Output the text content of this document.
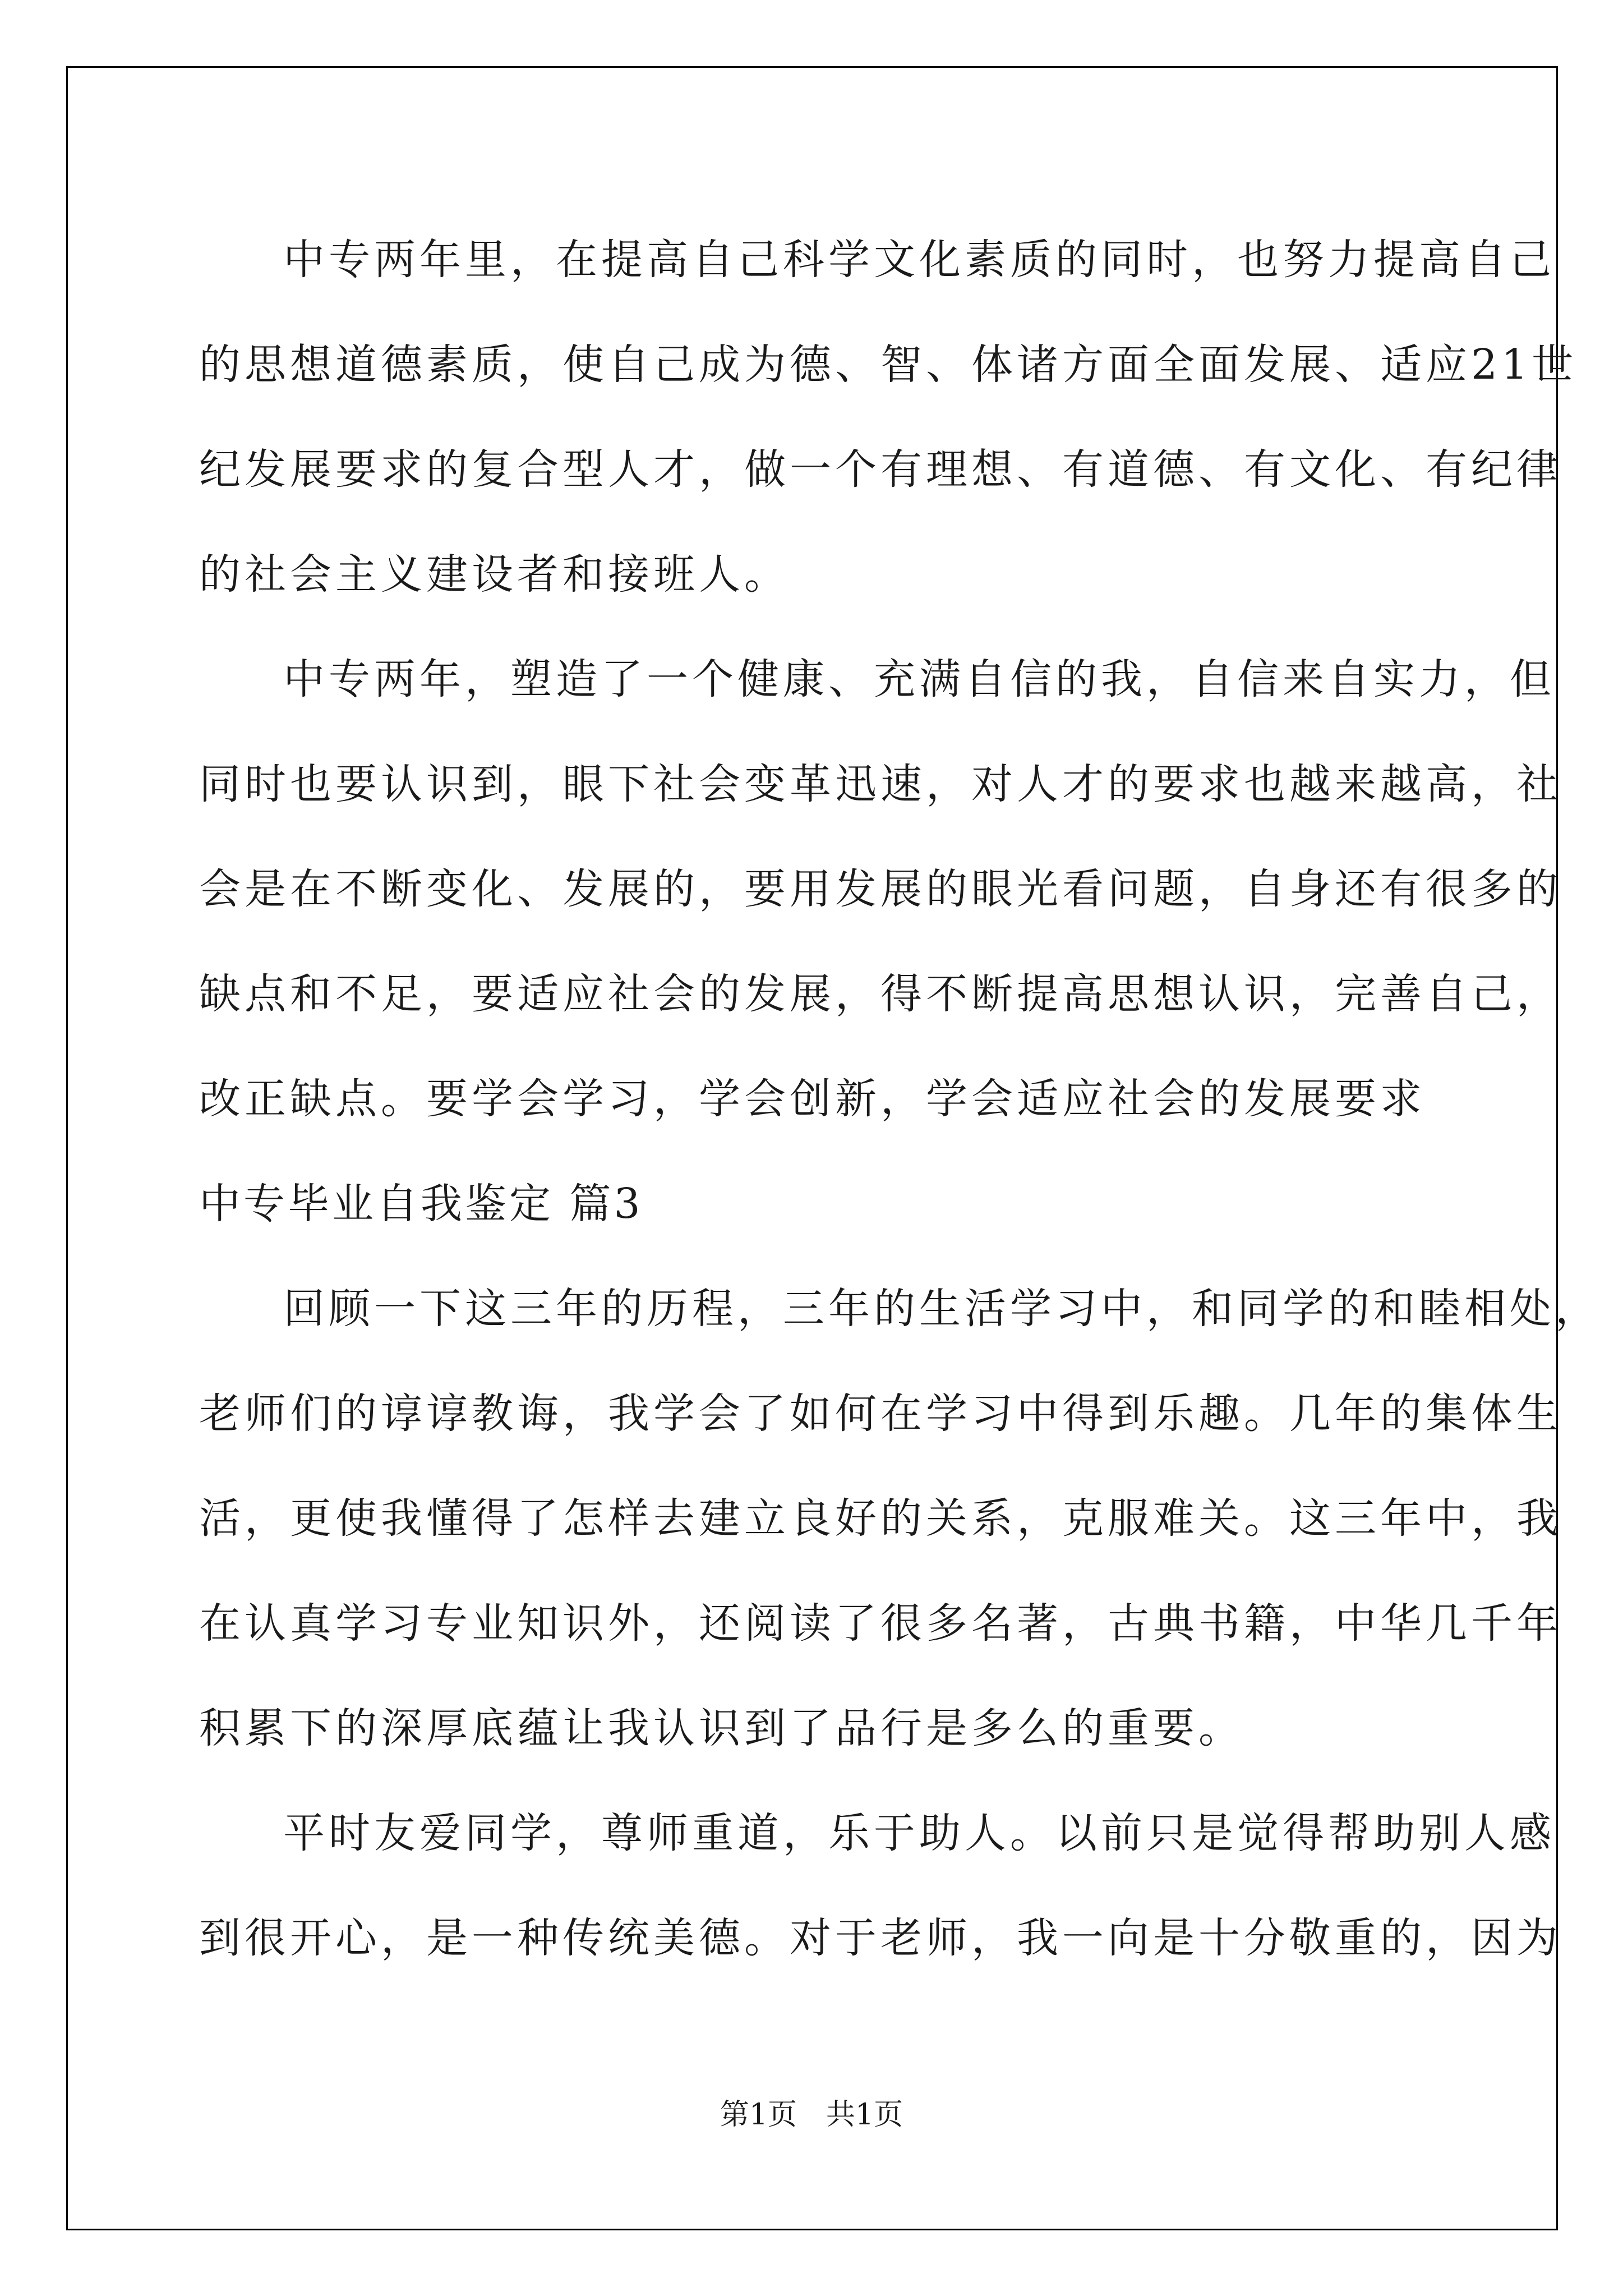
中专两年里，在提高自己科学文化素质的同时，也努力提高自己
的思想道德素质，使自己成为德、智、体诸方面全面发展、适应21世
纪发展要求的复合型人才，做一个有理想、有道德、有文化、有纪律
的社会主义建设者和接班人。
中专两年，塑造了一个健康、充满自信的我，自信来自实力，但
同时也要认识到，眼下社会变革迅速，对人才的要求也越来越高，社
会是在不断变化、发展的，要用发展的眼光看问题，自身还有很多的
缺点和不足，要适应社会的发展，得不断提高思想认识，完善自己，
改正缺点。要学会学习，学会创新，学会适应社会的发展要求
中专毕业自我鉴定 篇3
回顾一下这三年的历程，三年的生活学习中，和同学的和睦相处，
老师们的谆谆教诲，我学会了如何在学习中得到乐趣。几年的集体生
活，更使我懂得了怎样去建立良好的关系，克服难关。这三年中，我
在认真学习专业知识外，还阅读了很多名著，古典书籍，中华几千年
积累下的深厚底蕴让我认识到了品行是多么的重要。
平时友爱同学，尊师重道，乐于助人。以前只是觉得帮助别人感
到很开心，是一种传统美德。对于老师，我一向是十分敬重的，因为
第1页　共1页
